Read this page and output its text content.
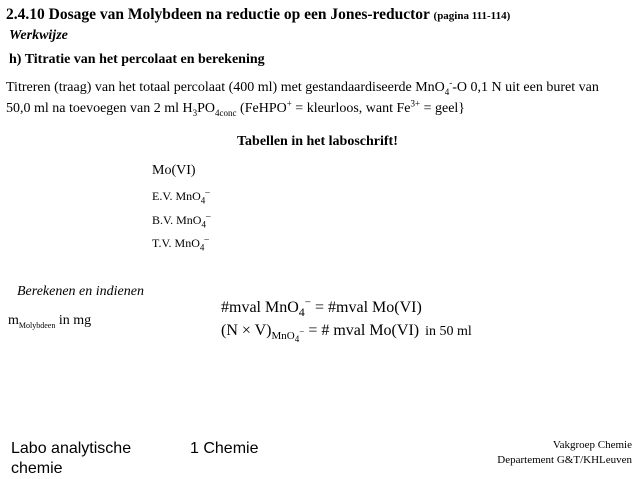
2.4.10 Dosage van Molybdeen na reductie op een Jones-reductor (pagina 111-114)
Werkwijze
h) Titratie van het percolaat en berekening
Titreren (traag) van het totaal percolaat (400 ml) met gestandaardiseerde MnO$_4$--O 0,1 N uit een buret van
50,0 ml na toevoegen van 2 ml $H_3PO_{4conc}$ (FeHPO+ = kleurloos, want $Fe^{3+}$ = geel}
Tabellen in het laboschrift!
Mo(VI)
E.V. MnO$_4$–
B.V. MnO$_4$–
T.V. MnO$_4$–
Berekenen en indienen
$m_{Molybdeen}$ in mg
#mval MnO$_4$− = #mval Mo(VI)
$(N \times V)_{MnO_4^-}$ = # mval Mo(VI) in 50 ml
Labo analytische chemie
1 Chemie	Vakgroep Chemie
Departement G&T/KHLeuven
